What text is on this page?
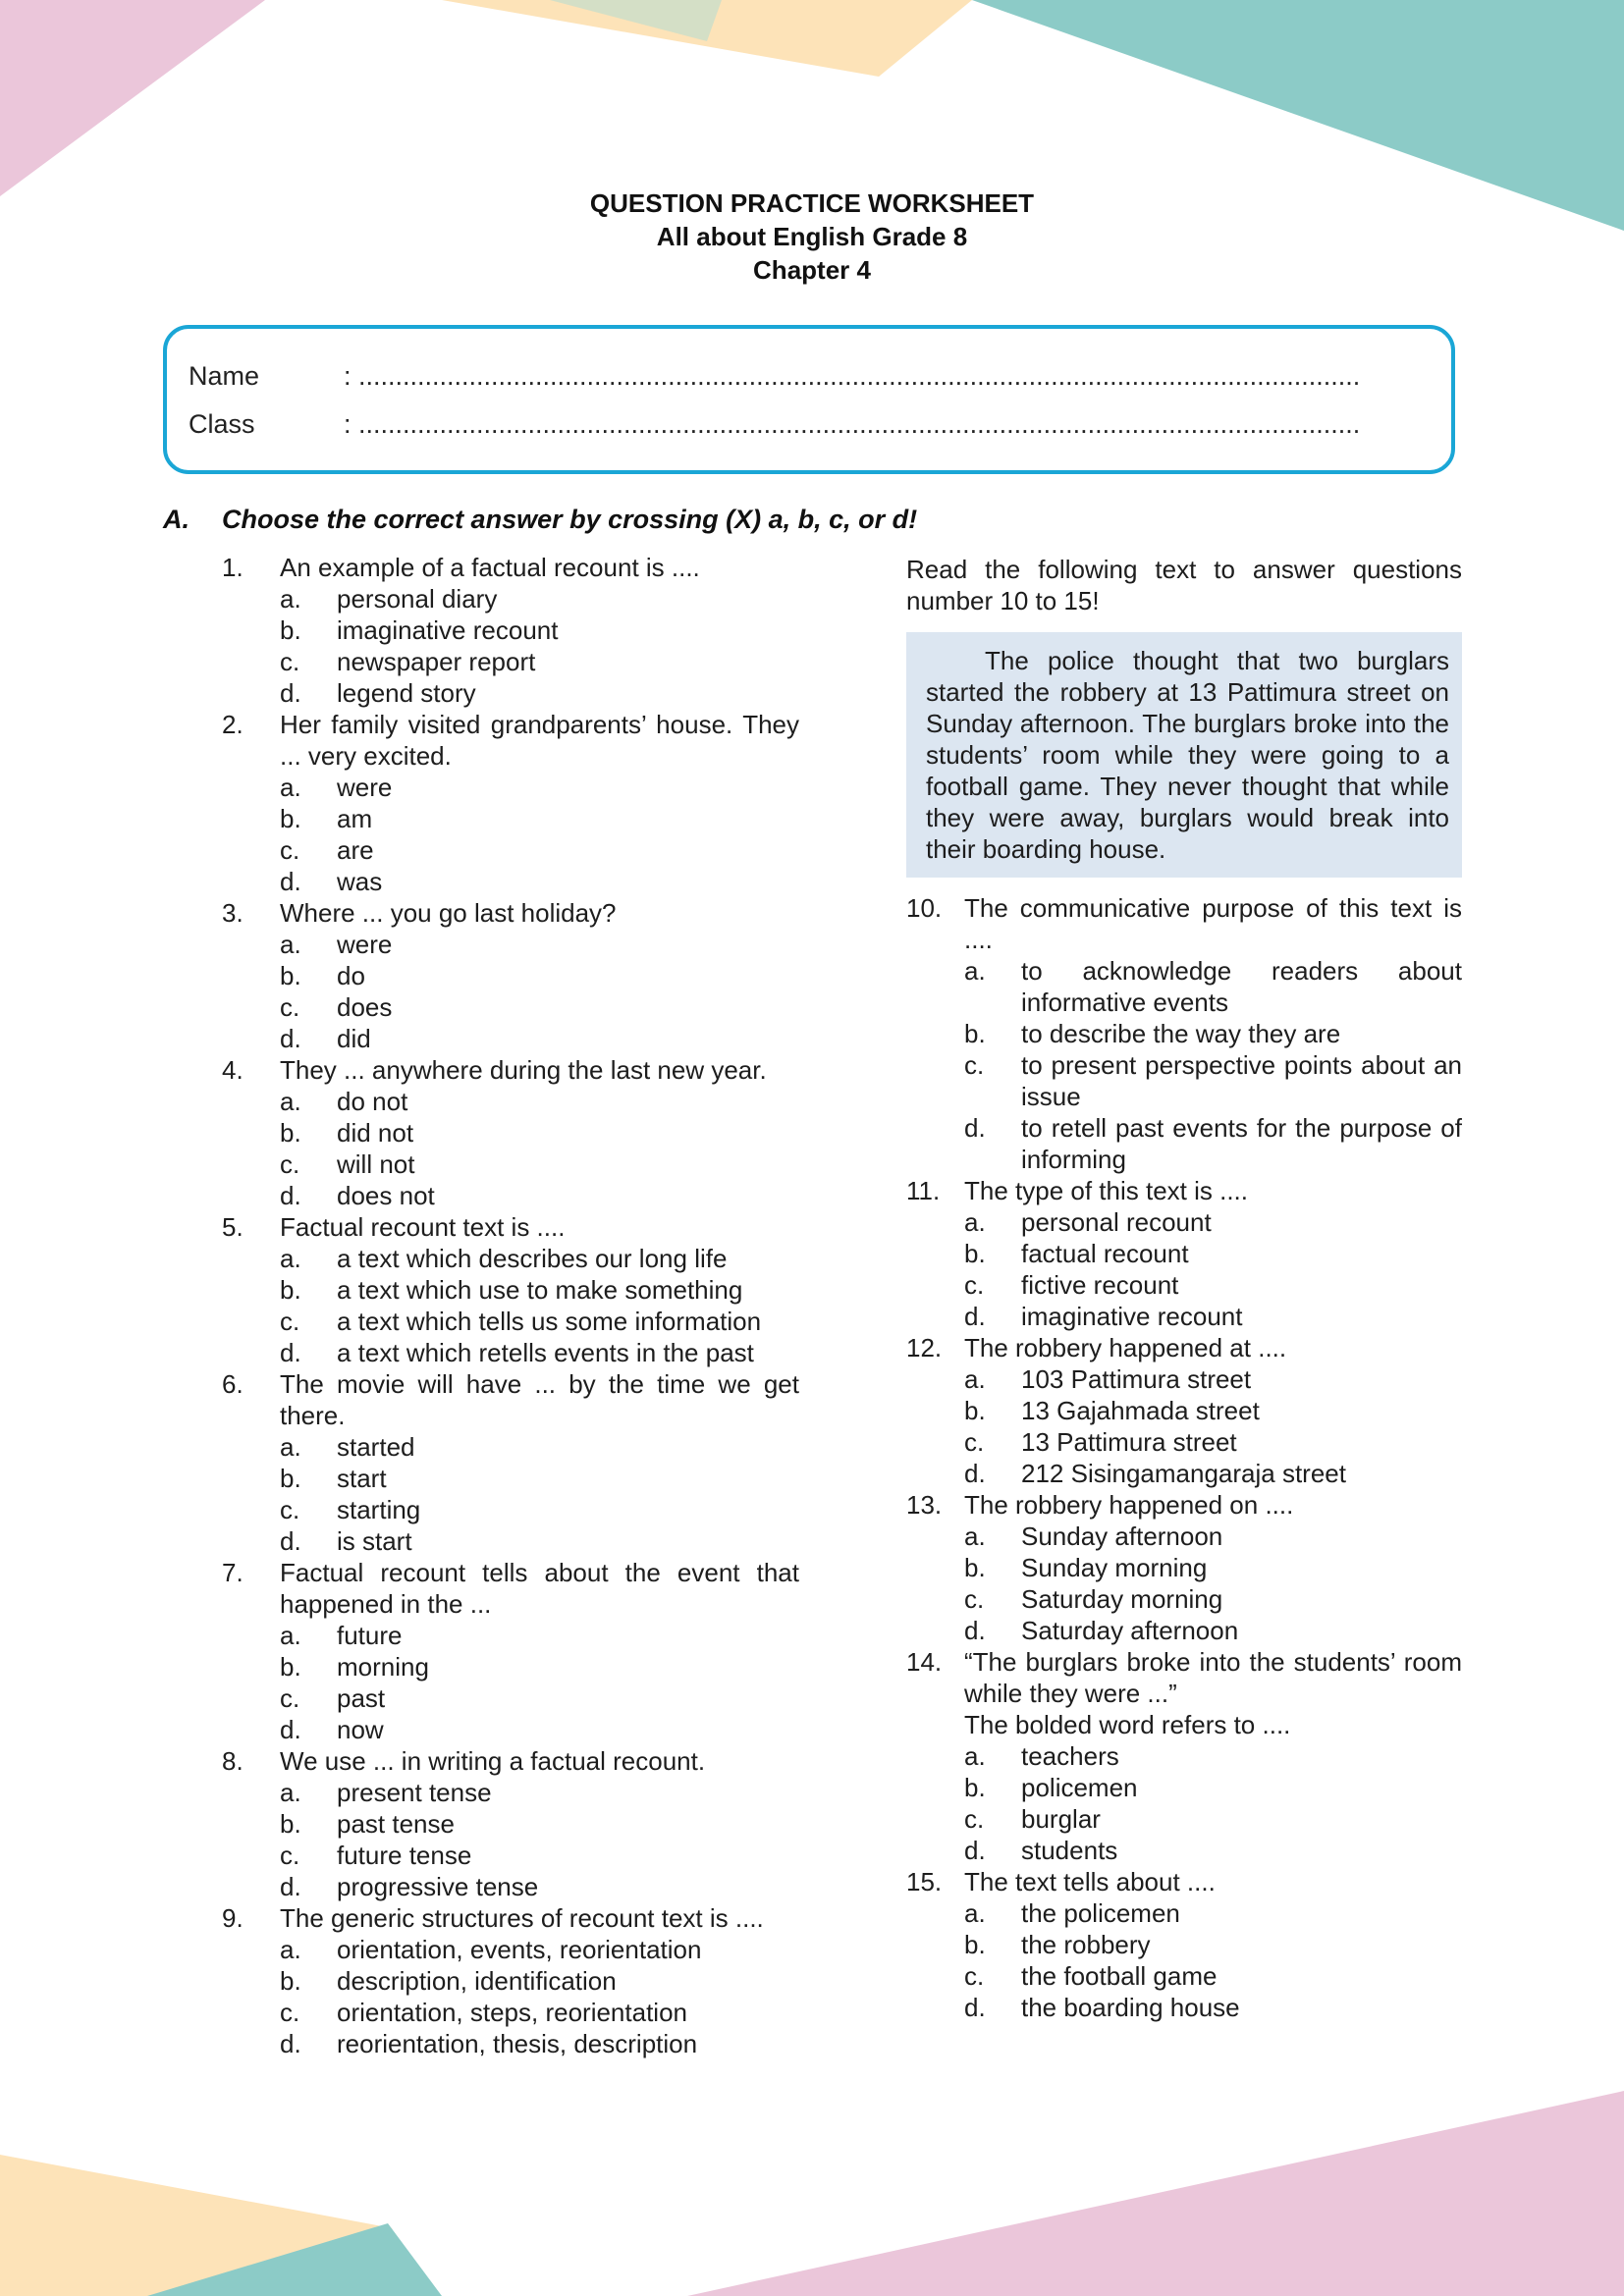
QUESTION PRACTICE WORKSHEET
All about English Grade 8
Chapter 4
Name	: ........................................................................................................................................
Class	: ........................................................................................................................................
A. Choose the correct answer by crossing (X) a, b, c, or d!
1.	An example of a factual recount is ....
a.	personal diary
b.	imaginative recount
c.	newspaper report
d.	legend story
2.	Her family visited grandparents’ house. They ... very excited.
a.	were
b.	am
c.	are
d.	was
3.	Where ... you go last holiday?
a.	were
b.	do
c.	does
d.	did
4.	They ... anywhere during the last new year.
a.	do not
b.	did not
c.	will not
d.	does not
5.	Factual recount text is ....
a.	a text which describes our long life
b.	a text which use to make something
c.	a text which tells us some information
d.	a text which retells events in the past
6.	The movie will have ... by the time we get there.
a.	started
b.	start
c.	starting
d.	is start
7.	Factual recount tells about the event that happened in the ...
a.	future
b.	morning
c.	past
d.	now
8.	We use ... in writing a factual recount.
a.	present tense
b.	past tense
c.	future tense
d.	progressive tense
9.	The generic structures of recount text is ....
a.	orientation, events, reorientation
b.	description, identification
c.	orientation, steps, reorientation
d.	reorientation, thesis, description
Read the following text to answer questions number 10 to 15!
The police thought that two burglars started the robbery at 13 Pattimura street on Sunday afternoon. The burglars broke into the students’ room while they were going to a football game. They never thought that while they were away, burglars would break into their boarding house.
10. The communicative purpose of this text is ....
a.	to acknowledge readers about informative events
b.	to describe the way they are
c.	to present perspective points about an issue
d.	to retell past events for the purpose of informing
11. The type of this text is ....
a.	personal recount
b.	factual recount
c.	fictive recount
d.	imaginative recount
12. The robbery happened at ....
a.	103 Pattimura street
b.	13 Gajahmada street
c.	13 Pattimura street
d.	212 Sisingamangaraja street
13. The robbery happened on ....
a.	Sunday afternoon
b.	Sunday morning
c.	Saturday morning
d.	Saturday afternoon
14. “The burglars broke into the students’ room while they were ...”
The bolded word refers to ....
a.	teachers
b.	policemen
c.	burglar
d.	students
15. The text tells about ....
a.	the policemen
b.	the robbery
c.	the football game
d.	the boarding house
